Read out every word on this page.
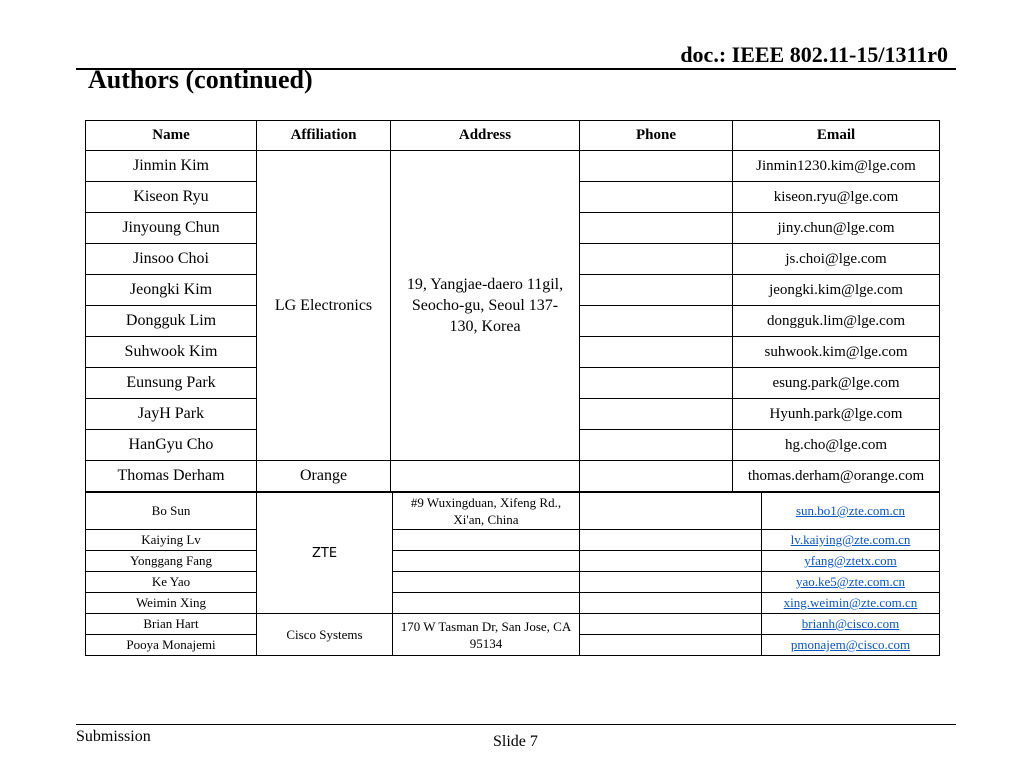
doc.: IEEE 802.11-15/1311r0
Authors (continued)
Name	Affiliation	Address	Phone	Email
Jinmin Kim	LG Electronics	19, Yangjae-daero 11gil, Seocho-gu, Seoul 137-130, Korea		Jinmin1230.kim@lge.com
Kiseon Ryu				kiseon.ryu@lge.com
Jinyoung Chun				jiny.chun@lge.com
Jinsoo Choi				js.choi@lge.com
Jeongki Kim				jeongki.kim@lge.com
Dongguk Lim				dongguk.lim@lge.com
Suhwook Kim				suhwook.kim@lge.com
Eunsung Park				esung.park@lge.com
JayH Park				Hyunh.park@lge.com
HanGyu Cho				hg.cho@lge.com
Thomas Derham	Orange			thomas.derham@orange.com
Bo Sun	ZTE	#9 Wuxingduan, Xifeng Rd., Xi'an, China		sun.bo1@zte.com.cn
Kaiying Lv				lv.kaiying@zte.com.cn
Yonggang Fang				yfang@ztetx.com
Ke Yao				yao.ke5@zte.com.cn
Weimin Xing				xing.weimin@zte.com.cn
Brian Hart	Cisco Systems	170 W Tasman Dr, San Jose, CA 95134		brianh@cisco.com
Pooya Monajemi				pmonajem@cisco.com
Submission	Slide 7
